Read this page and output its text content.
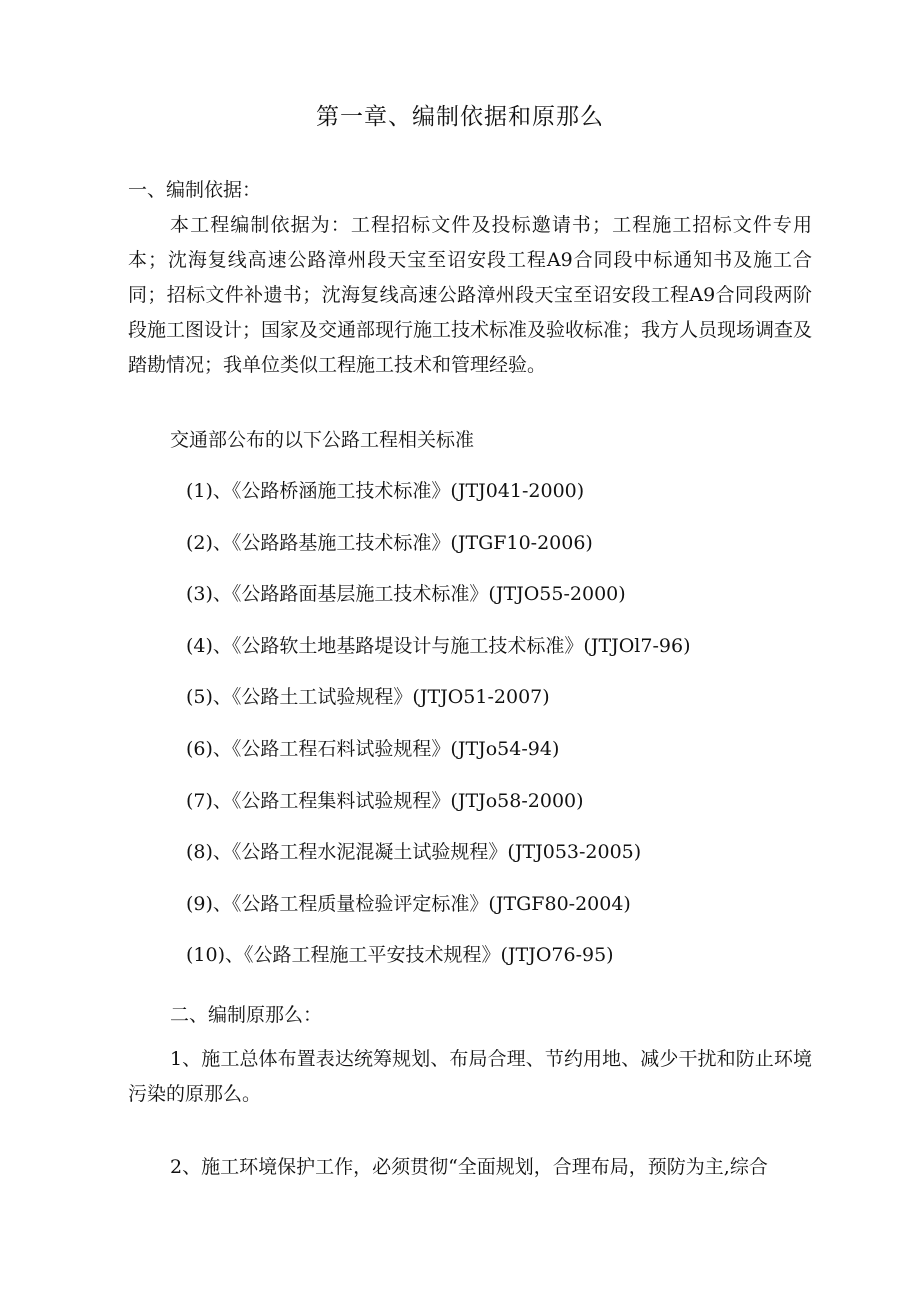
第一章、编制依据和原那么
一、编制依据：
本工程编制依据为：工程招标文件及投标邀请书；工程施工招标文件专用本；沈海复线高速公路漳州段天宝至诏安段工程A9合同段中标通知书及施工合同；招标文件补遗书；沈海复线高速公路漳州段天宝至诏安段工程A9合同段两阶段施工图设计；国家及交通部现行施工技术标准及验收标准；我方人员现场调查及踏勘情况；我单位类似工程施工技术和管理经验。
交通部公布的以下公路工程相关标准
(1)、《公路桥涵施工技术标准》(JTJ041-2000)
(2)、《公路路基施工技术标准》(JTGF10-2006)
(3)、《公路路面基层施工技术标准》(JTJO55-2000)
(4)、《公路软土地基路堤设计与施工技术标准》(JTJOl7-96)
(5)、《公路土工试验规程》(JTJO51-2007)
(6)、《公路工程石料试验规程》(JTJo54-94)
(7)、《公路工程集料试验规程》(JTJo58-2000)
(8)、《公路工程水泥混凝土试验规程》(JTJ053-2005)
(9)、《公路工程质量检验评定标准》(JTGF80-2004)
(10)、《公路工程施工平安技术规程》(JTJO76-95)
二、编制原那么：
1、施工总体布置表达统筹规划、布局合理、节约用地、减少干扰和防止环境污染的原那么。
2、施工环境保护工作，必须贯彻“全面规划，合理布局，预防为主,综合
